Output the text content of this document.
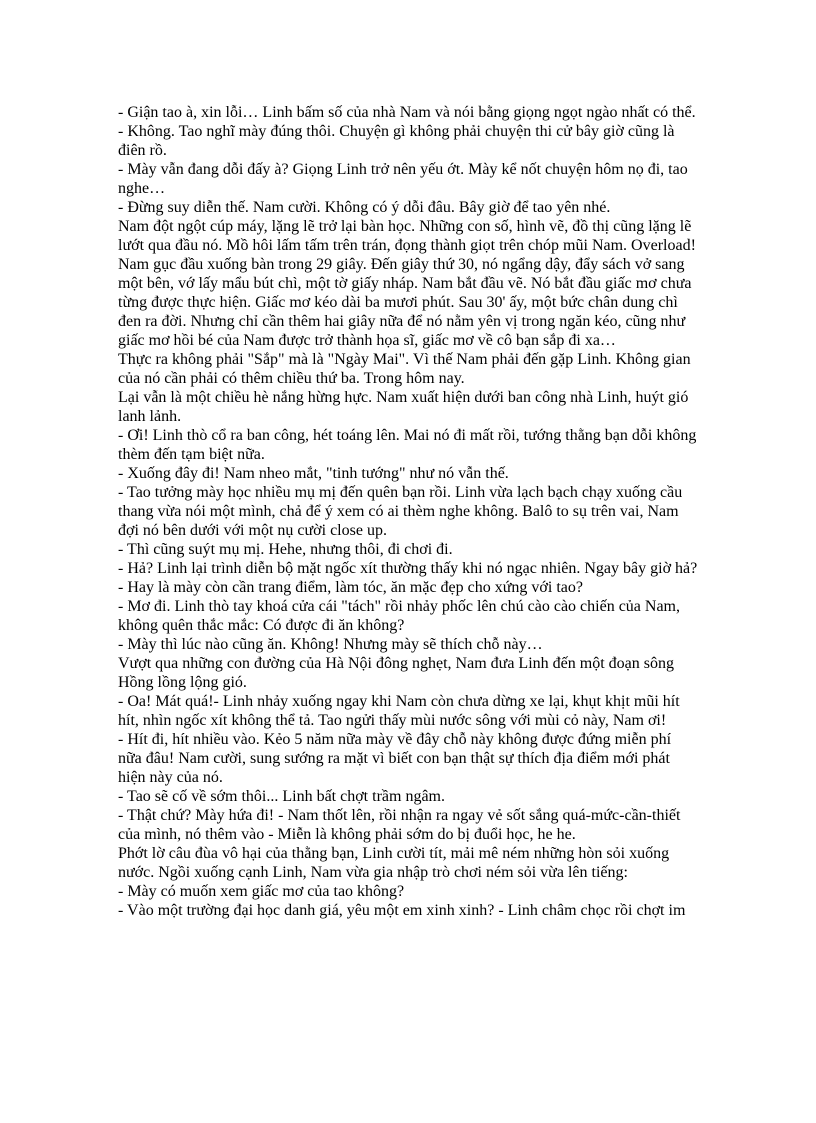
- Giận tao à, xin lỗi… Linh bấm số của nhà Nam và nói bằng giọng ngọt ngào nhất có thể.

- Không. Tao nghĩ mày đúng thôi. Chuyện gì không phải chuyện thi cử bây giờ cũng là điên rồ.

- Mày vẫn đang dỗi đấy à? Giọng Linh trở nên yếu ớt. Mày kể nốt chuyện hôm nọ đi, tao nghe…

- Đừng suy diễn thế. Nam cười. Không có ý dỗi đâu. Bây giờ để tao yên nhé.

Nam đột ngột cúp máy, lặng lẽ trở lại bàn học. Những con số, hình vẽ, đồ thị cũng lặng lẽ lướt qua đầu nó. Mồ hôi lấm tấm trên trán, đọng thành giọt trên chóp mũi Nam. Overload! Nam gục đầu xuống bàn trong 29 giây. Đến giây thứ 30, nó ngẩng dậy, đẩy sách vở sang một bên, vớ lấy mẩu bút chì, một tờ giấy nháp. Nam bắt đầu vẽ. Nó bắt đầu giấc mơ chưa từng được thực hiện. Giấc mơ kéo dài ba mươi phút. Sau 30' ấy, một bức chân dung chì đen ra đời. Nhưng chỉ cần thêm hai giây nữa để nó nằm yên vị trong ngăn kéo, cũng như giấc mơ hồi bé của Nam được trở thành họa sĩ, giấc mơ về cô bạn sắp đi xa…

Thực ra không phải "Sắp" mà là "Ngày Mai". Vì thế Nam phải đến gặp Linh. Không gian của nó cần phải có thêm chiều thứ ba. Trong hôm nay.

Lại vẫn là một chiều hè nắng hừng hực. Nam xuất hiện dưới ban công nhà Linh, huýt gió lanh lảnh.

- Ơi! Linh thò cổ ra ban công, hét toáng lên. Mai nó đi mất rồi, tướng thằng bạn dỗi không thèm đến tạm biệt nữa.

- Xuống đây đi! Nam nheo mắt, "tinh tướng" như nó vẫn thế.

- Tao tưởng mày học nhiều mụ mị đến quên bạn rồi. Linh vừa lạch bạch chạy xuống cầu thang vừa nói một mình, chả để ý xem có ai thèm nghe không. Balô to sụ trên vai, Nam đợi nó bên dưới với một nụ cười close up.

- Thì cũng suýt mụ mị. Hehe, nhưng thôi, đi chơi đi.

- Hả? Linh lại trình diễn bộ mặt ngốc xít thường thấy khi nó ngạc nhiên. Ngay bây giờ hả?

- Hay là mày còn cần trang điểm, làm tóc, ăn mặc đẹp cho xứng với tao?

- Mơ đi. Linh thò tay khoá cửa cái "tách" rồi nhảy phốc lên chú cào cào chiến của Nam, không quên thắc mắc: Có được đi ăn không?

- Mày thì lúc nào cũng ăn. Không! Nhưng mày sẽ thích chỗ này…

Vượt qua những con đường của Hà Nội đông nghẹt, Nam đưa Linh đến một đoạn sông Hồng lồng lộng gió.

- Oa! Mát quá!- Linh nhảy xuống ngay khi Nam còn chưa dừng xe lại, khụt khịt mũi hít hít, nhìn ngốc xít không thể tả. Tao ngửi thấy mùi nước sông với mùi cỏ này, Nam ơi!

- Hít đi, hít nhiều vào. Kẻo 5 năm nữa mày về đây chỗ này không được đứng miễn phí nữa đâu! Nam cười, sung sướng ra mặt vì biết con bạn thật sự thích địa điểm mới phát hiện này của nó.

- Tao sẽ cố về sớm thôi... Linh bất chợt trầm ngâm.

- Thật chứ? Mày hứa đi! - Nam thốt lên, rồi nhận ra ngay vẻ sốt sắng quá-mức-cần-thiết của mình, nó thêm vào - Miễn là không phải sớm do bị đuổi học, he he.

Phớt lờ câu đùa vô hại của thằng bạn, Linh cười tít, mải mê ném những hòn sỏi xuống nước. Ngồi xuống cạnh Linh, Nam vừa gia nhập trò chơi ném sỏi vừa lên tiếng:

- Mày có muốn xem giấc mơ của tao không?

- Vào một trường đại học danh giá, yêu một em xinh xinh? - Linh châm chọc rồi chợt im
